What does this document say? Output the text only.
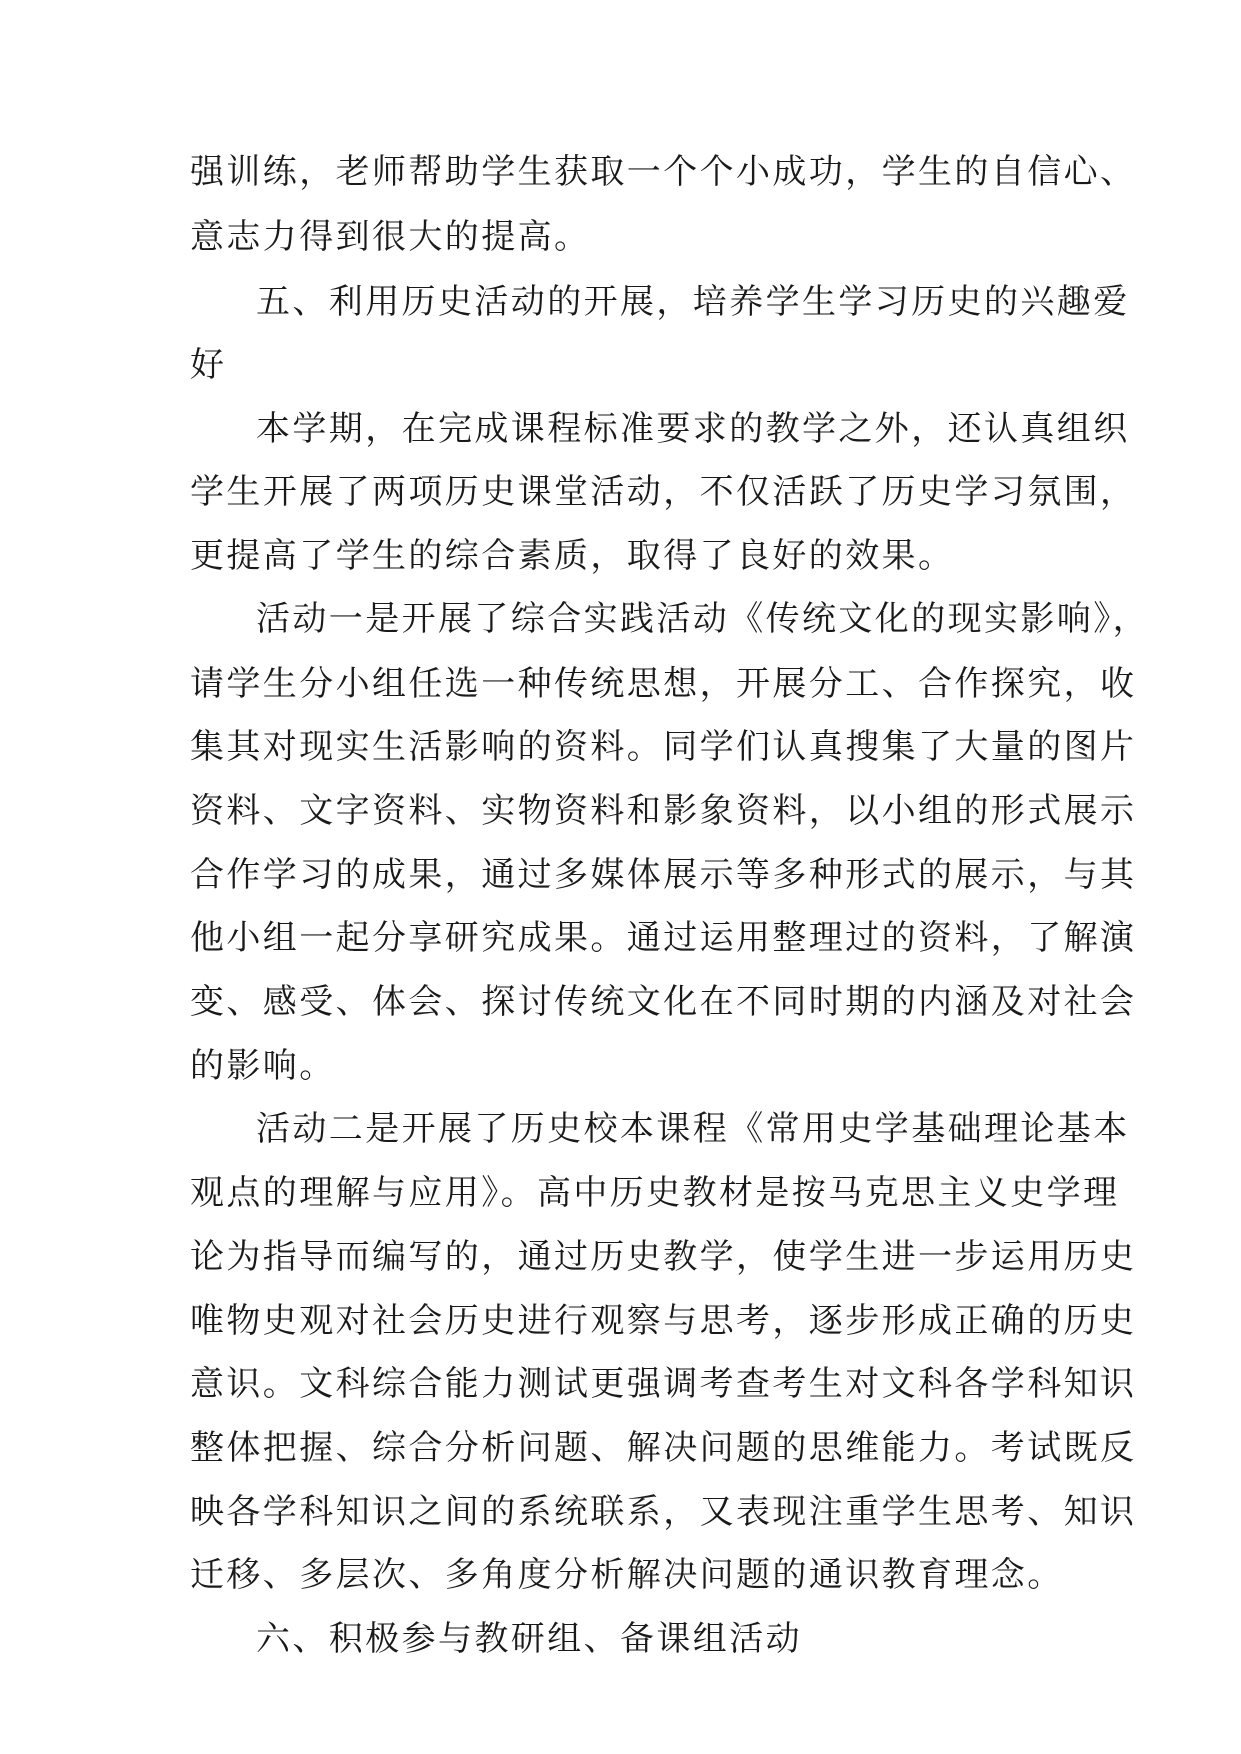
强训练，老师帮助学生获取一个个小成功，学生的自信心、
意志力得到很大的提高。
五、利用历史活动的开展，培养学生学习历史的兴趣爱
好
本学期，在完成课程标准要求的教学之外，还认真组织
学生开展了两项历史课堂活动，不仅活跃了历史学习氛围，
更提高了学生的综合素质，取得了良好的效果。
活动一是开展了综合实践活动《传统文化的现实影响》，
请学生分小组任选一种传统思想，开展分工、合作探究，收
集其对现实生活影响的资料。同学们认真搜集了大量的图片
资料、文字资料、实物资料和影象资料，以小组的形式展示
合作学习的成果，通过多媒体展示等多种形式的展示，与其
他小组一起分享研究成果。通过运用整理过的资料，了解演
变、感受、体会、探讨传统文化在不同时期的内涵及对社会
的影响。
活动二是开展了历史校本课程《常用史学基础理论基本
观点的理解与应用》。高中历史教材是按马克思主义史学理
论为指导而编写的，通过历史教学，使学生进一步运用历史
唯物史观对社会历史进行观察与思考，逐步形成正确的历史
意识。文科综合能力测试更强调考查考生对文科各学科知识
整体把握、综合分析问题、解决问题的思维能力。考试既反
映各学科知识之间的系统联系，又表现注重学生思考、知识
迁移、多层次、多角度分析解决问题的通识教育理念。
六、积极参与教研组、备课组活动
